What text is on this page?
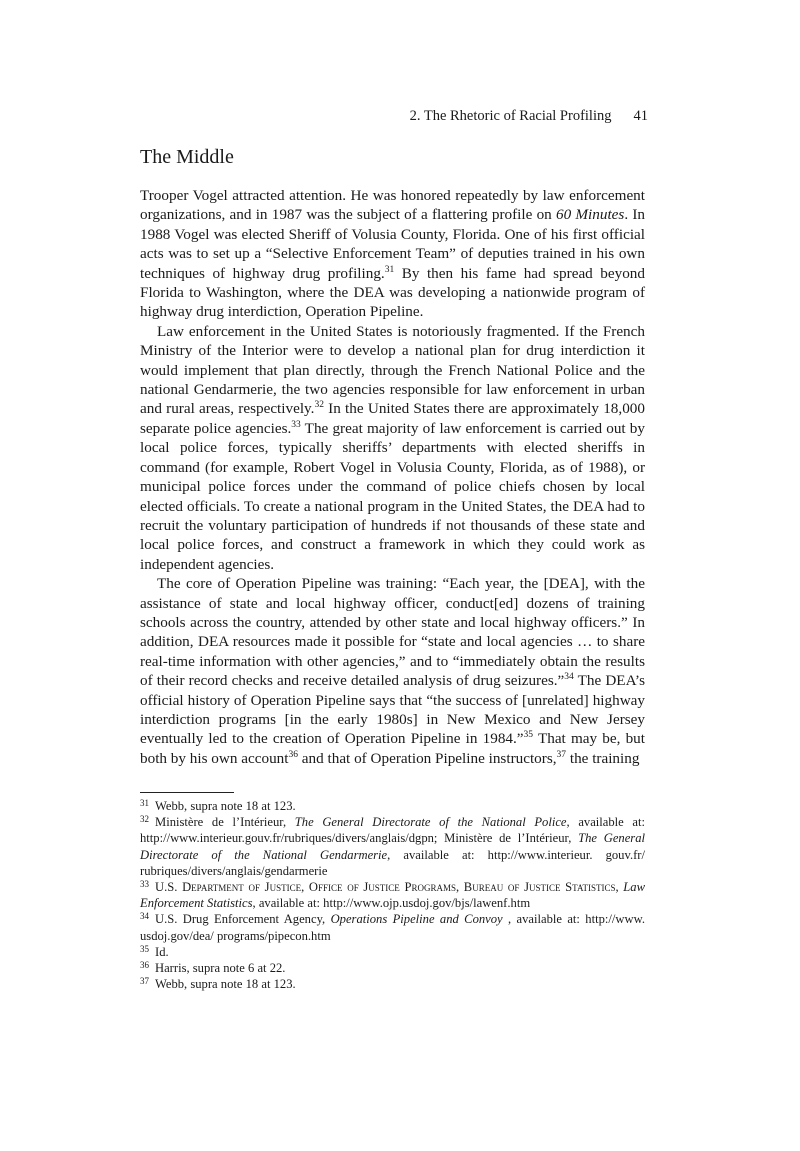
2. The Rhetoric of Racial Profiling 41
The Middle

Trooper Vogel attracted attention. He was honored repeatedly by law enforcement organizations, and in 1987 was the subject of a flattering profile on 60 Minutes. In 1988 Vogel was elected Sheriff of Volusia County, Florida. One of his first official acts was to set up a “Selective Enforcement Team” of deputies trained in his own techniques of highway drug profiling.$^{31}$ By then his fame had spread beyond Florida to Washington, where the DEA was developing a nationwide program of highway drug interdiction, Operation Pipeline.

Law enforcement in the United States is notoriously fragmented. If the French Ministry of the Interior were to develop a national plan for drug interdiction it would implement that plan directly, through the French National Police and the national Gendarmerie, the two agencies responsible for law enforcement in urban and rural areas, respectively.$^{32}$ In the United States there are approximately 18,000 separate police agencies.$^{33}$ The great majority of law enforcement is carried out by local police forces, typically sheriffs’ departments with elected sheriffs in command (for example, Robert Vogel in Volusia County, Florida, as of 1988), or municipal police forces under the command of police chiefs chosen by local elected officials. To create a national program in the United States, the DEA had to recruit the voluntary participation of hundreds if not thousands of these state and local police forces, and construct a framework in which they could work as independent agencies.

The core of Operation Pipeline was training: “Each year, the [DEA], with the assistance of state and local highway officer, conduct[ed] dozens of training schools across the country, attended by other state and local highway officers.” In addition, DEA resources made it possible for “state and local agencies … to share real-time information with other agencies,” and to “immediately obtain the results of their record checks and receive detailed analysis of drug seizures.”$^{34}$ The DEA’s official history of Operation Pipeline says that “the success of [unrelated] highway interdiction programs [in the early 1980s] in New Mexico and New Jersey eventually led to the creation of Operation Pipeline in 1984.”$^{35}$ That may be, but both by his own account$^{36}$ and that of Operation Pipeline instructors,$^{37}$ the training

$^{31}$ Webb, supra note 18 at 123.

$^{32}$ Ministère de l’Intérieur, The General Directorate of the National Police, available at: http://www.interieur.gouv.fr/rubriques/divers/anglais/dgpn; Ministère de l’Intérieur, The General Directorate of the National Gendarmerie, available at: http://www.interieur. gouv.fr/ rubriques/divers/anglais/gendarmerie

$^{33}$ U.S. Department of Justice, Office of Justice Programs, Bureau of Justice Statistics, Law Enforcement Statistics, available at: http://www.ojp.usdoj.gov/bjs/lawenf.htm

$^{34}$ U.S. Drug Enforcement Agency, Operations Pipeline and Convoy , available at: http://www. usdoj.gov/dea/ programs/pipecon.htm

$^{35}$ Id.

$^{36}$ Harris, supra note 6 at 22.

$^{37}$ Webb, supra note 18 at 123.
